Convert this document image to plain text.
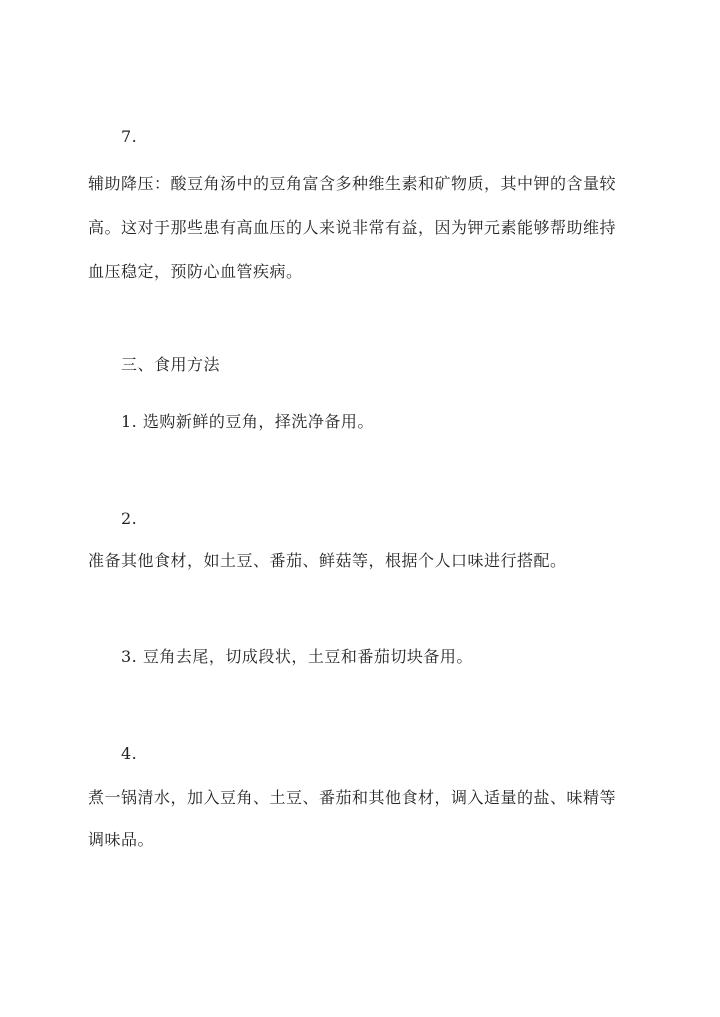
7.
辅助降压：酸豆角汤中的豆角富含多种维生素和矿物质，其中钾的含量较
高。这对于那些患有高血压的人来说非常有益，因为钾元素能够帮助维持
血压稳定，预防心血管疾病。
三、食用方法
1. 选购新鲜的豆角，择洗净备用。
2.
准备其他食材，如土豆、番茄、鲜菇等，根据个人口味进行搭配。
3. 豆角去尾，切成段状，土豆和番茄切块备用。
4.
煮一锅清水，加入豆角、土豆、番茄和其他食材，调入适量的盐、味精等
调味品。
